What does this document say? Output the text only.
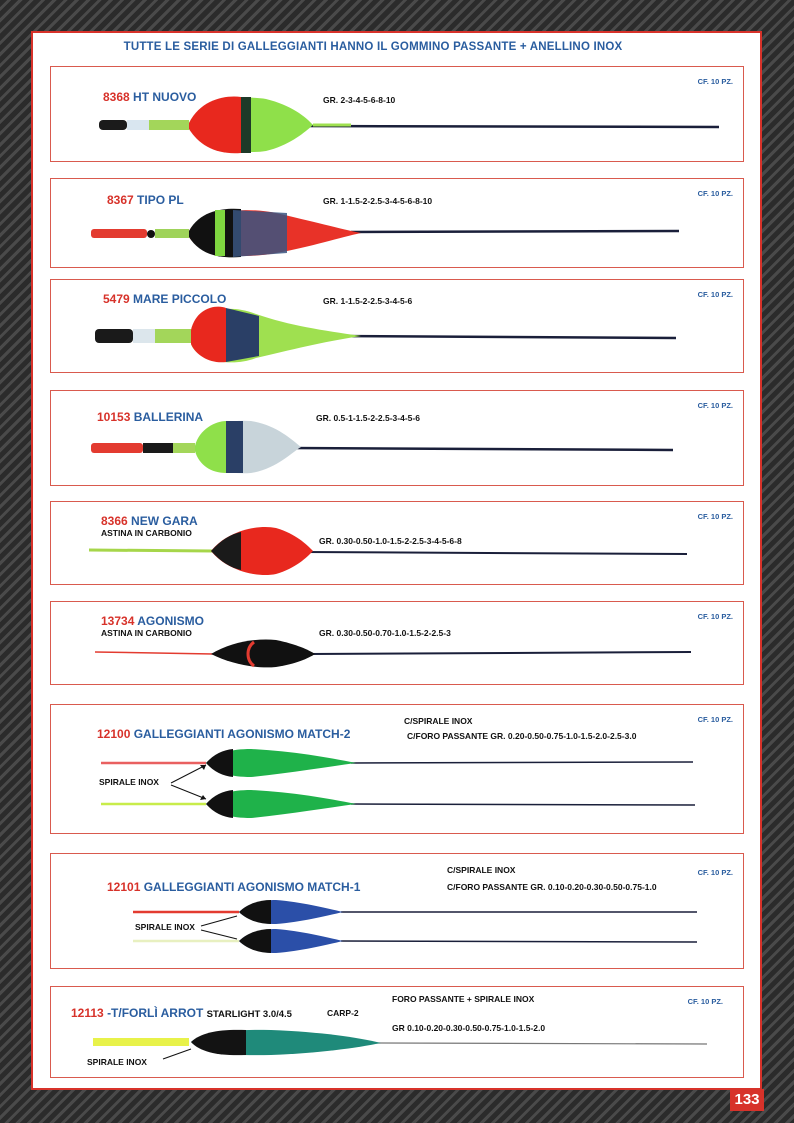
TUTTE LE SERIE DI GALLEGGIANTI HANNO IL GOMMINO PASSANTE + ANELLINO INOX
8368 HT NUOVO	GR. 2-3-4-5-6-8-10
CF. 10 PZ.
8367 TIPO PL	GR. 1-1.5-2-2.5-3-4-5-6-8-10
CF. 10 PZ.
5479 MARE PICCOLO	GR. 1-1.5-2-2.5-3-4-5-6
CF. 10 PZ.
10153 BALLERINA	GR. 0.5-1-1.5-2-2.5-3-4-5-6
CF. 10 PZ.
8366 NEW GARA
ASTINA IN CARBONIO
GR. 0.30-0.50-1.0-1.5-2-2.5-3-4-5-6-8
CF. 10 PZ.
13734 AGONISMO
ASTINA IN CARBONIO	GR. 0.30-0.50-0.70-1.0-1.5-2-2.5-3
CF. 10 PZ.
12100 GALLEGGIANTI AGONISMO MATCH-2
C/SPIRALE INOX
C/FORO PASSANTE GR. 0.20-0.50-0.75-1.0-1.5-2.0-2.5-3.0
CF. 10 PZ.
SPIRALE INOX
12101 GALLEGGIANTI AGONISMO MATCH-1
C/SPIRALE INOX
C/FORO PASSANTE GR. 0.10-0.20-0.30-0.50-0.75-1.0
CF. 10 PZ.
SPIRALE INOX
12113 -T/FORLÌ ARROT STARLIGHT 3.0/4.5	CARP-2
FORO PASSANTE + SPIRALE INOX
GR 0.10-0.20-0.30-0.50-0.75-1.0-1.5-2.0
CF. 10 PZ.
SPIRALE INOX
133
